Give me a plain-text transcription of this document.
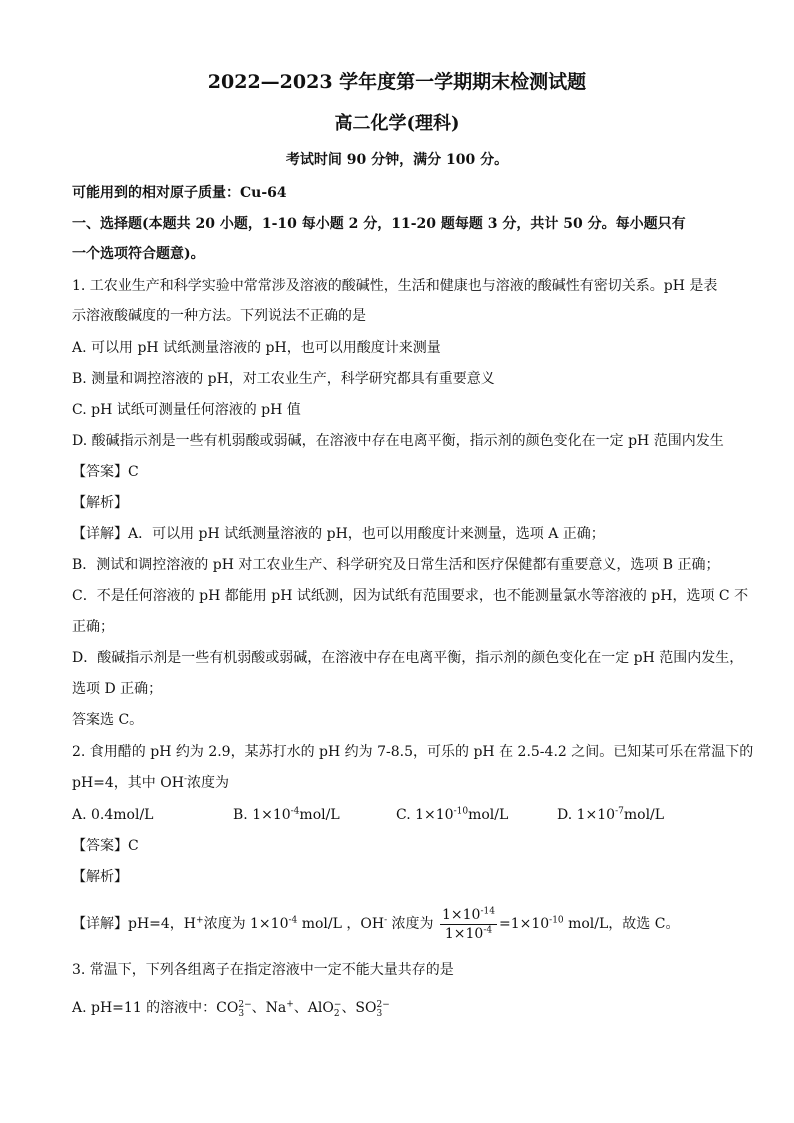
2022—2023 学年度第一学期期末检测试题
高二化学(理科)
考试时间 90 分钟，满分 100 分。
可能用到的相对原子质量：Cu-64
一、选择题(本题共 20 小题，1-10 每小题 2 分，11-20 题每题 3 分，共计 50 分。每小题只有
一个选项符合题意)。
1. 工农业生产和科学实验中常常涉及溶液的酸碱性，生活和健康也与溶液的酸碱性有密切关系。pH 是表
示溶液酸碱度的一种方法。下列说法不正确的是
A. 可以用 pH 试纸测量溶液的 pH，也可以用酸度计来测量
B. 测量和调控溶液的 pH，对工农业生产，科学研究都具有重要意义
C. pH 试纸可测量任何溶液的 pH 值
D. 酸碱指示剂是一些有机弱酸或弱碱，在溶液中存在电离平衡，指示剂的颜色变化在一定 pH 范围内发生
【答案】C
【解析】
【详解】A．可以用 pH 试纸测量溶液的 pH，也可以用酸度计来测量，选项 A 正确；
B．测试和调控溶液的 pH 对工农业生产、科学研究及日常生活和医疗保健都有重要意义，选项 B 正确；
C．不是任何溶液的 pH 都能用 pH 试纸测，因为试纸有范围要求，也不能测量氯水等溶液的 pH，选项 C 不
正确；
D．酸碱指示剂是一些有机弱酸或弱碱，在溶液中存在电离平衡，指示剂的颜色变化在一定 pH 范围内发生，
选项 D 正确；
答案选 C。
2. 食用醋的 pH 约为 2.9，某苏打水的 pH 约为 7-8.5，可乐的 pH 在 2.5-4.2 之间。已知某可乐在常温下的
pH=4，其中 OH-浓度为
A. 0.4mol/L	B. $1\times 10^{-4}mol/L$	C. $1\times 10^{-10}mol/L$	D. $1\times 10^{-7}mol/L$
【答案】C
【解析】
【详解】pH=4，H+浓度为 $1\times 10^{-4}$ mol/L ，OH- 浓度为 $\frac{1\times 10^{-14}}{1\times 10^{-4}} =1\times 10^{-10}$ mol/L，故选 C。
3. 常温下，下列各组离子在指定溶液中一定不能大量共存的是
A. pH=11 的溶液中：CO 2−
3 、Na+、AlO −
2 、SO 2−
3
